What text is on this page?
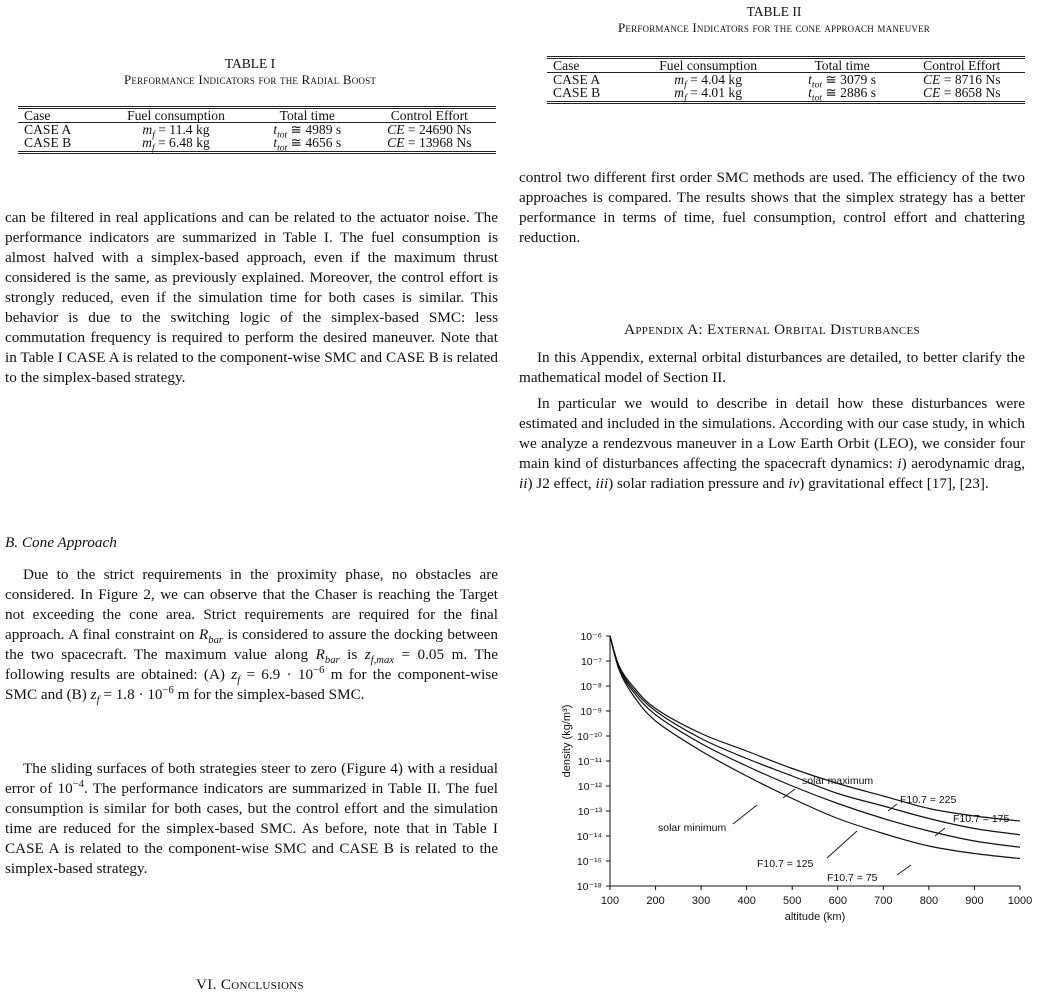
TABLE I
Performance Indicators for the Radial Boost
Case	Fuel consumption	Total time	Control Effort
CASE A	$m_f = 11.4$ kg	$t_{tot}$ ≅ 4989 s	CE = 24690 Ns
CASE B	$m_f = 6.48$ kg	$t_{tot}$ ≅ 4656 s	CE = 13968 Ns

can be filtered in real applications and can be related to the actuator noise. The performance indicators are summarized in Table I. The fuel consumption is almost halved with a simplex-based approach, even if the maximum thrust considered is the same, as previously explained. Moreover, the control effort is strongly reduced, even if the simulation time for both cases is similar. This behavior is due to the switching logic of the simplex-based SMC: less commutation frequency is required to perform the desired maneuver. Note that in Table I CASE A is related to the component-wise SMC and CASE B is related to the simplex-based strategy.

B. Cone Approach

Due to the strict requirements in the proximity phase, no obstacles are considered. In Figure 2, we can observe that the Chaser is reaching the Target not exceeding the cone area. Strict requirements are required for the final approach. A final constraint on $R_{bar}$ is considered to assure the docking between the two spacecraft. The maximum value along $R_{bar}$ is $z_{f,max} = 0.05$ m. The following results are obtained: (A) $z_f = 6.9 \cdot 10^{-6}$ m for the component-wise SMC and (B) $z_f = 1.8 \cdot 10^{-6}$ m for the simplex-based SMC.

The sliding surfaces of both strategies steer to zero (Figure 4) with a residual error of $10^{-4}$. The performance indicators are summarized in Table II. The fuel consumption is similar for both cases, but the control effort and the simulation time are reduced for the simplex-based SMC. As before, note that in Table I CASE A is related to the component-wise SMC and CASE B is related to the simplex-based strategy.

VI. Conclusions

TABLE II
Performance Indicators for the cone approach maneuver
Case	Fuel consumption	Total time	Control Effort
CASE A	$m_f = 4.04$ kg	$t_{tot}$ ≅ 3079 s	CE = 8716 Ns
CASE B	$m_f = 4.01$ kg	$t_{tot}$ ≅ 2886 s	CE = 8658 Ns

control two different first order SMC methods are used. The efficiency of the two approaches is compared. The results shows that the simplex strategy has a better performance in terms of time, fuel consumption, control effort and chattering reduction.

Appendix A: External Orbital Disturbances

In this Appendix, external orbital disturbances are detailed, to better clarify the mathematical model of Section II.

In particular we would to describe in detail how these disturbances were estimated and included in the simulations. According with our case study, in which we analyze a rendezvous maneuver in a Low Earth Orbit (LEO), we consider four main kind of disturbances affecting the spacecraft dynamics: i) aerodynamic drag, ii) J2 effect, iii) solar radiation pressure and iv) gravitational effect [17], [23].

10⁻¹⁸
10⁻¹⁵
10⁻¹⁴
10⁻¹³
10⁻¹²
10⁻¹¹
10⁻¹⁰
10⁻⁹
10⁻⁸
10⁻⁷
10⁻⁶
100 200 300 400 500 600 700 800 900 1000
altitude (km)
density (kg/m³)
solar maximum
solar minimum
F10.7 = 225
F10.7 = 175
F10.7 = 125
F10.7 = 75
